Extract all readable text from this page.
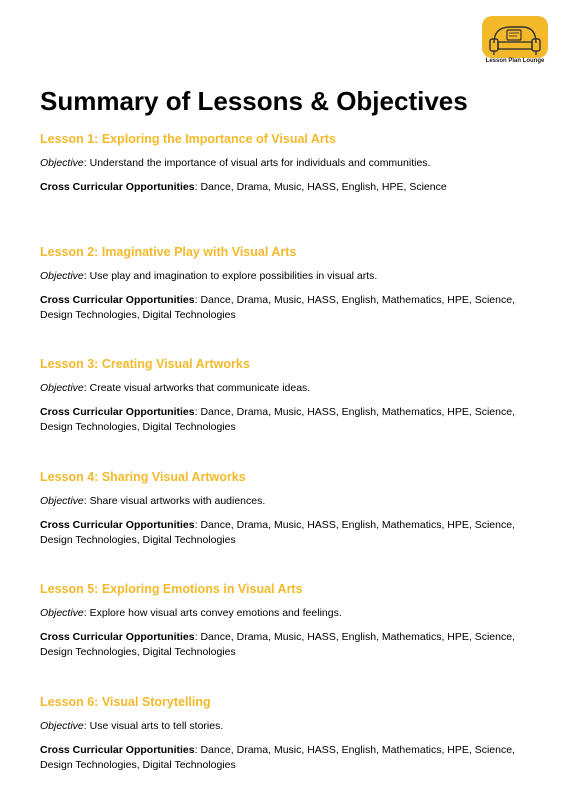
Lesson Plan Lounge
Summary of Lessons & Objectives
Lesson 1: Exploring the Importance of Visual Arts

Objective: Understand the importance of visual arts for individuals and communities.

Cross Curricular Opportunities: Dance, Drama, Music, HASS, English, HPE, Science

Lesson 2: Imaginative Play with Visual Arts

Objective: Use play and imagination to explore possibilities in visual arts.

Cross Curricular Opportunities: Dance, Drama, Music, HASS, English, Mathematics, HPE, Science, Design Technologies, Digital Technologies

Lesson 3: Creating Visual Artworks

Objective: Create visual artworks that communicate ideas.

Cross Curricular Opportunities: Dance, Drama, Music, HASS, English, Mathematics, HPE, Science, Design Technologies, Digital Technologies

Lesson 4: Sharing Visual Artworks

Objective: Share visual artworks with audiences.

Cross Curricular Opportunities: Dance, Drama, Music, HASS, English, Mathematics, HPE, Science, Design Technologies, Digital Technologies

Lesson 5: Exploring Emotions in Visual Arts

Objective: Explore how visual arts convey emotions and feelings.

Cross Curricular Opportunities: Dance, Drama, Music, HASS, English, Mathematics, HPE, Science, Design Technologies, Digital Technologies

Lesson 6: Visual Storytelling

Objective: Use visual arts to tell stories.

Cross Curricular Opportunities: Dance, Drama, Music, HASS, English, Mathematics, HPE, Science, Design Technologies, Digital Technologies
